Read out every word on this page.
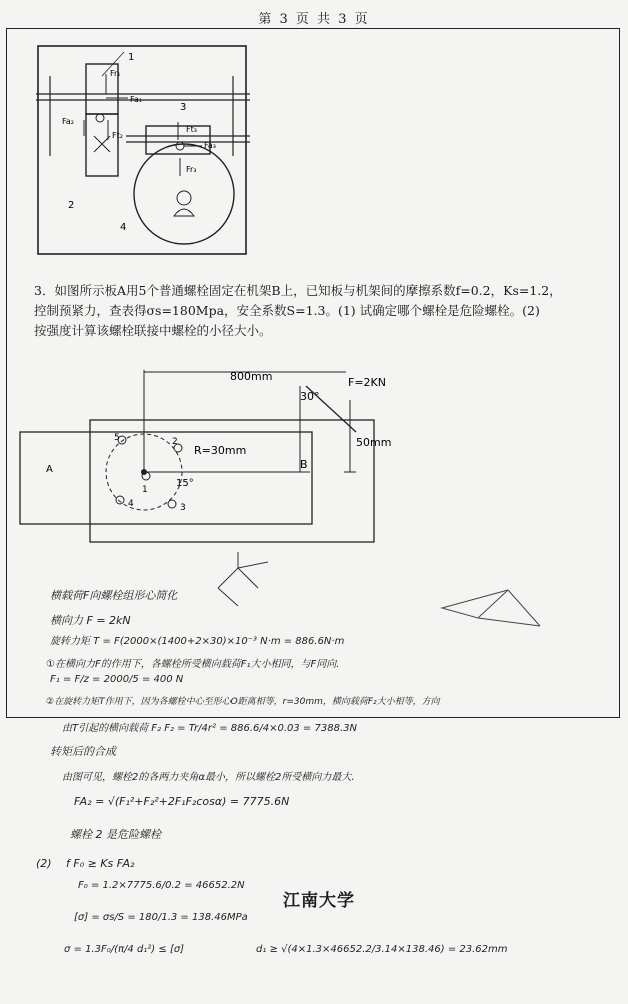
第 3 页 共 3 页
1
2
3
4
Fr₁
Fa₁
Fa₂
Ft₂
Ft₃
Fa₃
Fr₃
3．如图所示板A用5个普通螺栓固定在机架B上，已知板与机架间的摩擦系数f=0.2，Ks=1.2，
控制预紧力，查表得σs=180Mpa，安全系数S=1.3。(1) 试确定哪个螺栓是危险螺栓。(2)
按强度计算该螺栓联接中螺栓的小径大小。
800mm
30°
F=2KN
50mm
R=30mm
A	B
15°
1
2
3
4
5
横载荷F向螺栓组形心简化
横向力 F = 2kN
旋转力矩 T = F(2000×(1400+2×30)×10⁻³ N·m = 886.6N·m
①在横向力F的作用下，各螺栓所受横向载荷F₁大小相同，与F同向.
F₁ = F/z = 2000/5 = 400 N
②在旋转力矩T作用下，因为各螺栓中心至形心O距离相等，r=30mm，横向载荷F₂大小相等，方向
由T引起的横向载荷 F₂ F₂ = Tr/4r² = 886.6/4×0.03 = 7388.3N
转矩后的合成
由图可见，螺栓2的各两力夹角α最小，所以螺栓2所受横向力最大.
FA₂ = √(F₁²+F₂²+2F₁F₂cosα) = 7775.6N
螺栓 2 是危险螺栓
(2) f F₀ ≥ Ks FA₂
F₀ = 1.2×7775.6/0.2 = 46652.2N
[σ] = σs/S = 180/1.3 = 138.46MPa
σ = 1.3F₀/(π/4 d₁²) ≤ [σ]	d₁ ≥ √(4×1.3×46652.2/3.14×138.46) = 23.62mm
江南大学
